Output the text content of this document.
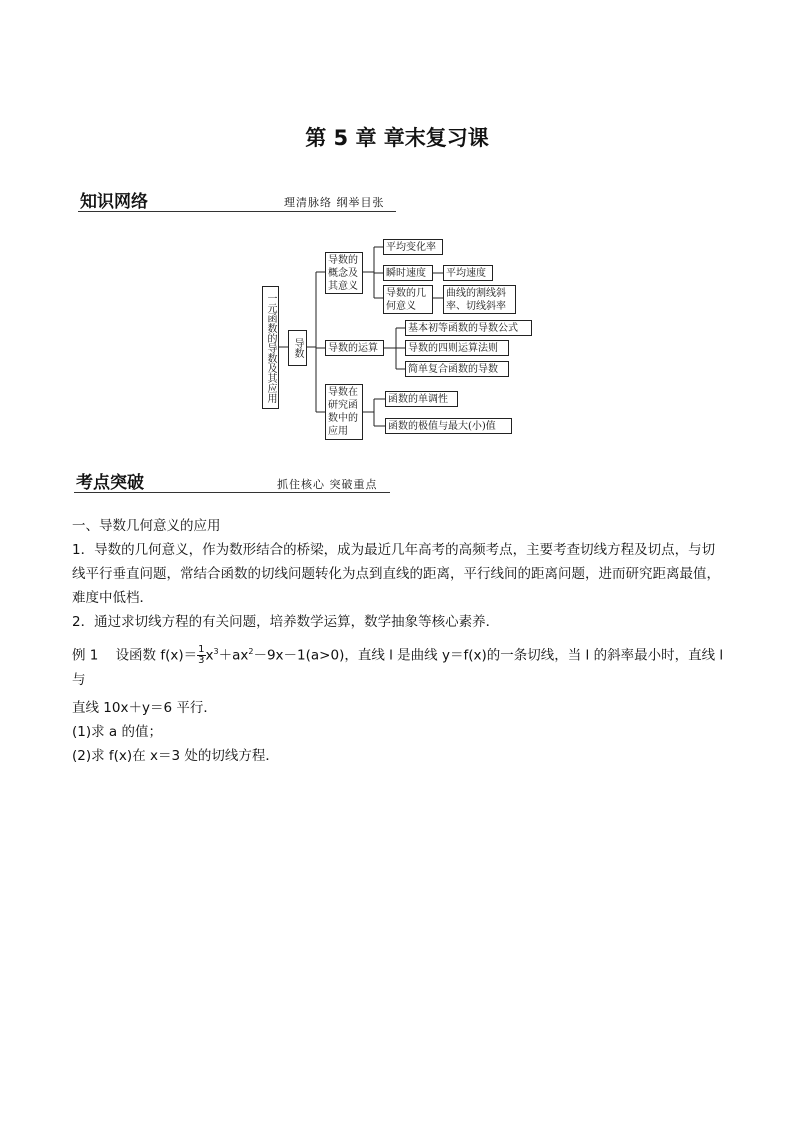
第 5 章 章末复习课
知识网络	理清脉络 纲举目张
一元函数的导数及其应用	导数
导数的概念及其意义
导数的运算
导数在研究函数中的应用
平均变化率
瞬时速度	平均速度
导数的几何意义
曲线的割线斜率、切线斜率
基本初等函数的导数公式
导数的四则运算法则
简单复合函数的导数
函数的单调性
函数的极值与最大(小)值
考点突破	抓住核心 突破重点
一、导数几何意义的应用
1．导数的几何意义，作为数形结合的桥梁，成为最近几年高考的高频考点，主要考查切线方程及切点，与切线平行垂直问题，常结合函数的切线问题转化为点到直线的距离，平行线间的距离问题，进而研究距离最值，难度中低档．
2．通过求切线方程的有关问题，培养数学运算，数学抽象等核心素养．
例 1 设函数 $f(x)= \frac{1}{3} x^3+ax^2-9x-1(a>0)$，直线 l 是曲线 y＝f(x)的一条切线，当 l 的斜率最小时，直线 l 与
直线 10x＋y＝6 平行．
(1)求 a 的值；
(2)求 f(x)在 x＝3 处的切线方程．
